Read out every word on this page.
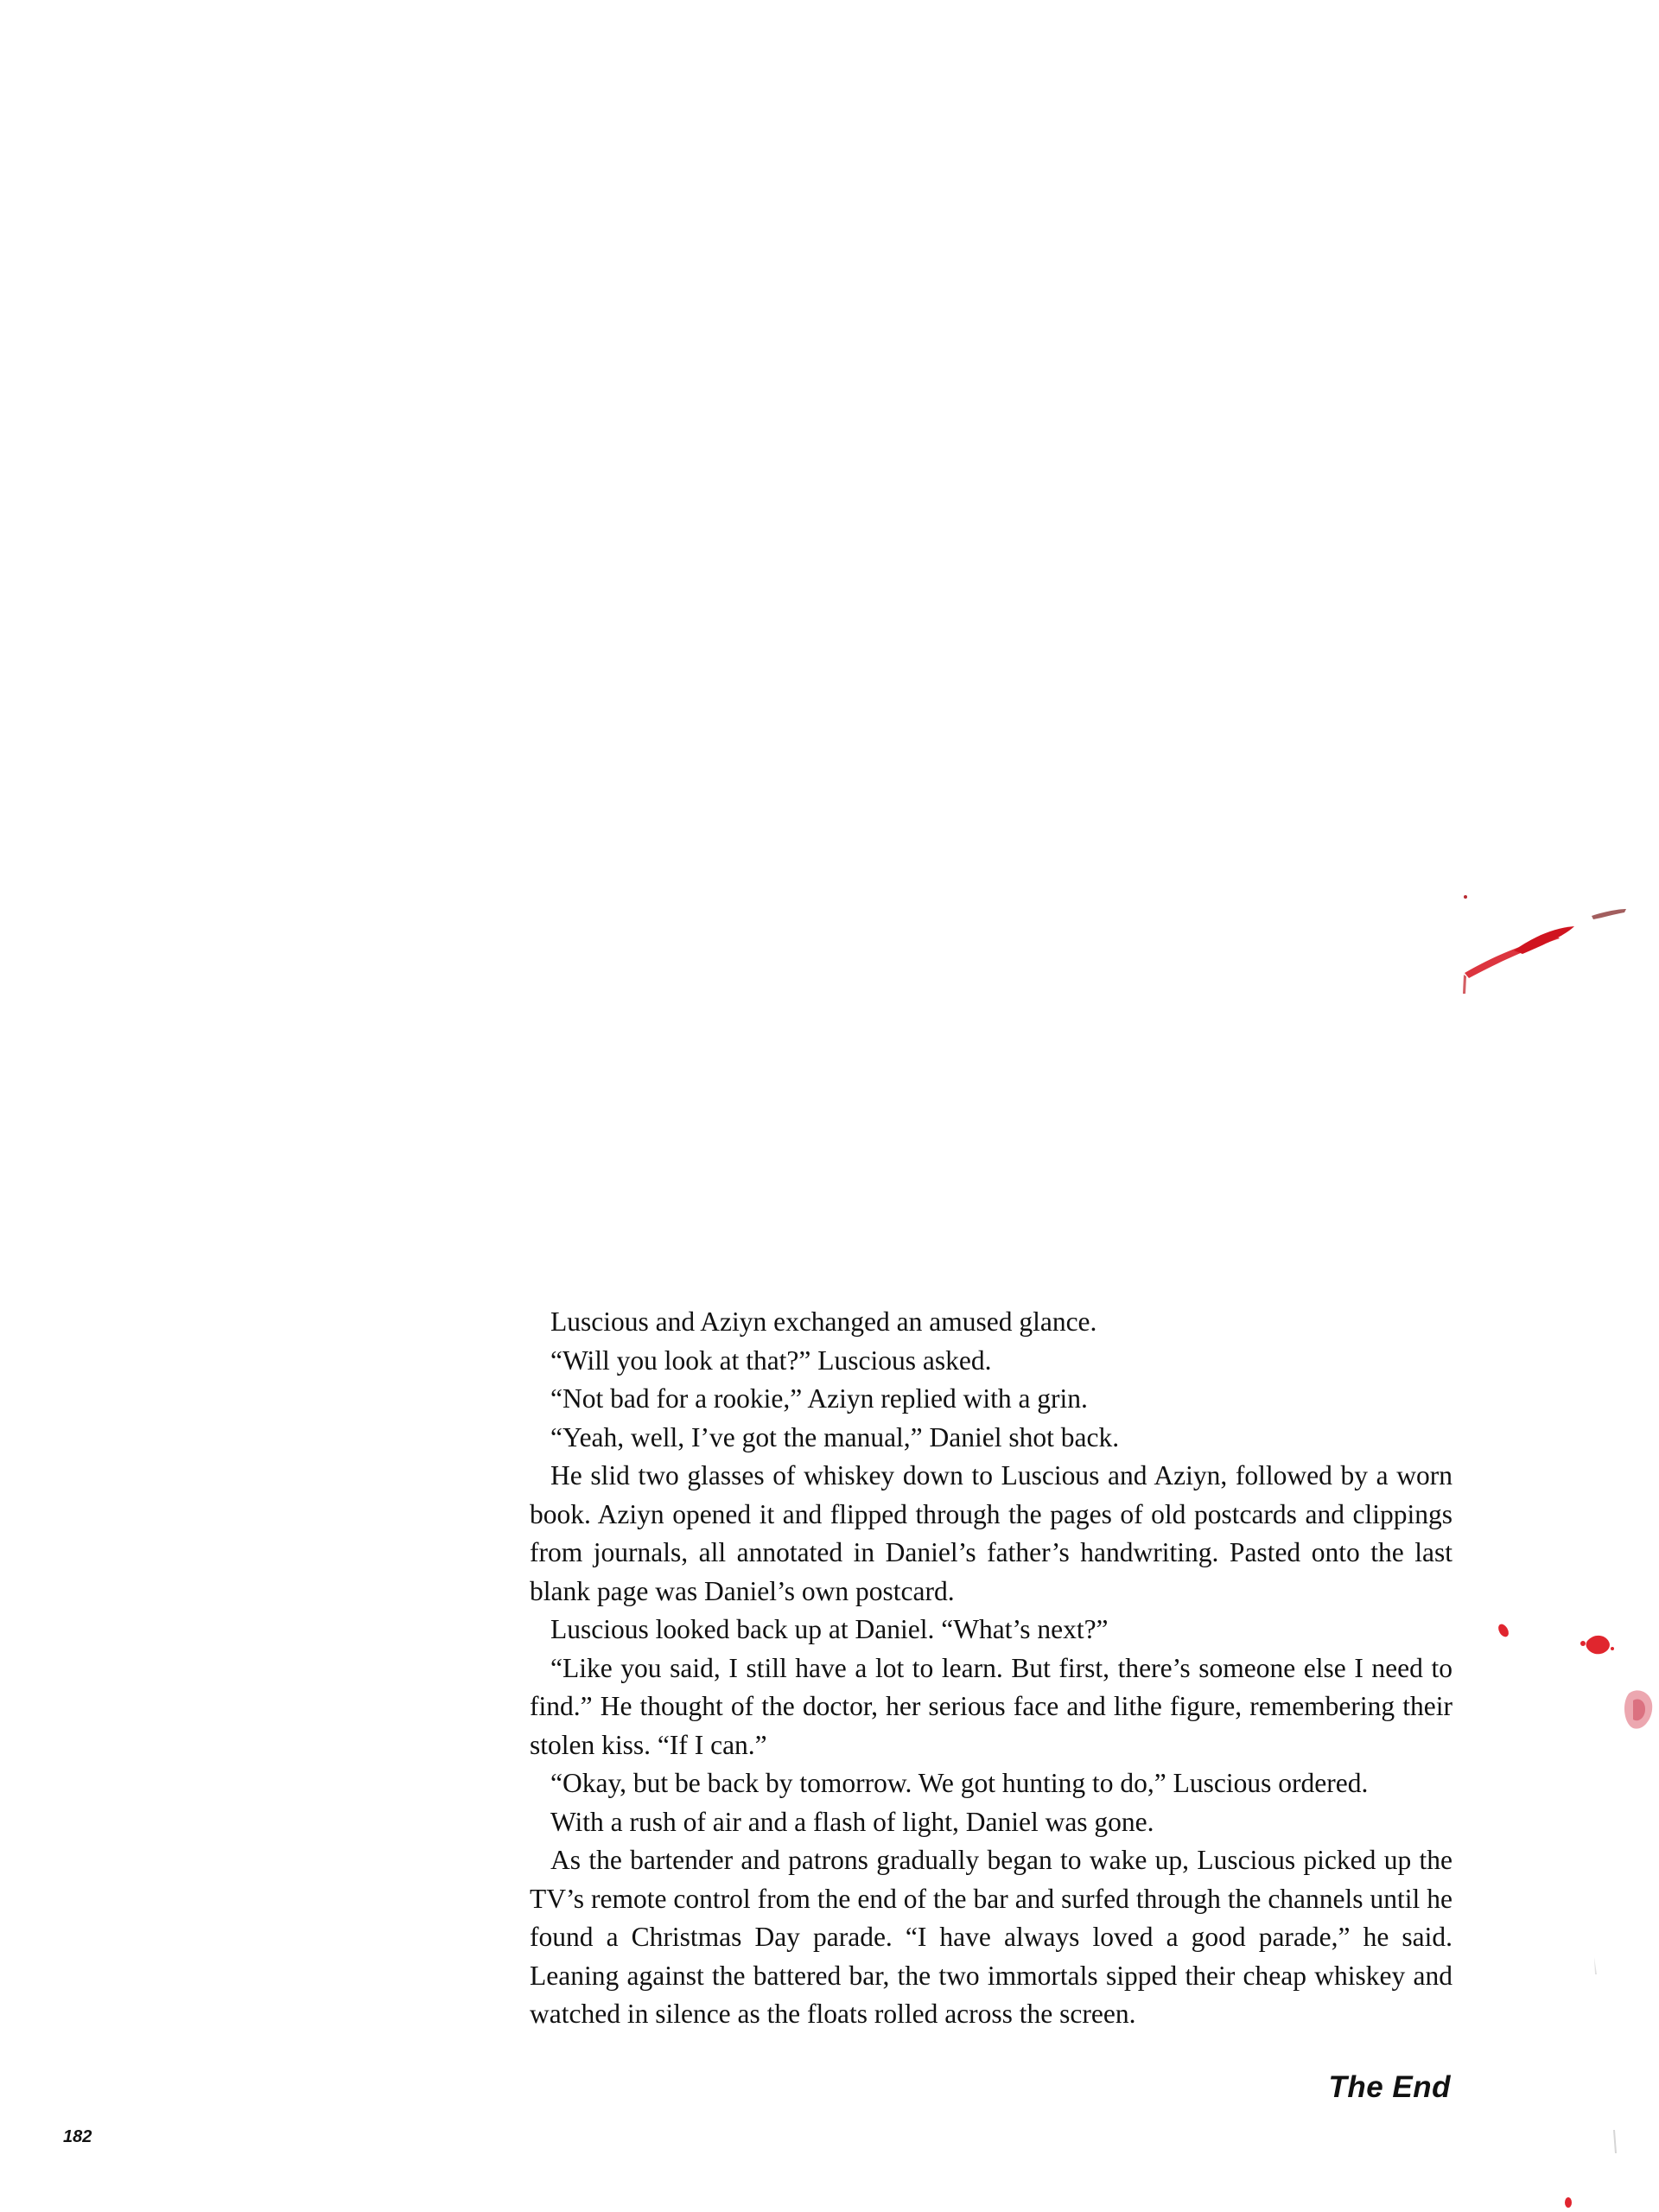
Luscious and Aziyn exchanged an amused glance.

“Will you look at that?” Luscious asked.

“Not bad for a rookie,” Aziyn replied with a grin.

“Yeah, well, I’ve got the manual,” Daniel shot back.

He slid two glasses of whiskey down to Luscious and Aziyn, followed by a worn book. Aziyn opened it and flipped through the pages of old postcards and clippings from journals, all annotated in Daniel’s father’s handwriting. Pasted onto the last blank page was Daniel’s own postcard.

Luscious looked back up at Daniel. “What’s next?”

“Like you said, I still have a lot to learn. But first, there’s someone else I need to find.” He thought of the doctor, her serious face and lithe figure, remembering their stolen kiss. “If I can.”

“Okay, but be back by tomorrow. We got hunting to do,” Luscious ordered.

With a rush of air and a flash of light, Daniel was gone.

As the bartender and patrons gradually began to wake up, Luscious picked up the TV’s remote control from the end of the bar and surfed through the channels until he found a Christmas Day parade. “I have always loved a good parade,” he said. Leaning against the battered bar, the two immortals sipped their cheap whiskey and watched in silence as the floats rolled across the screen.

The End
182
